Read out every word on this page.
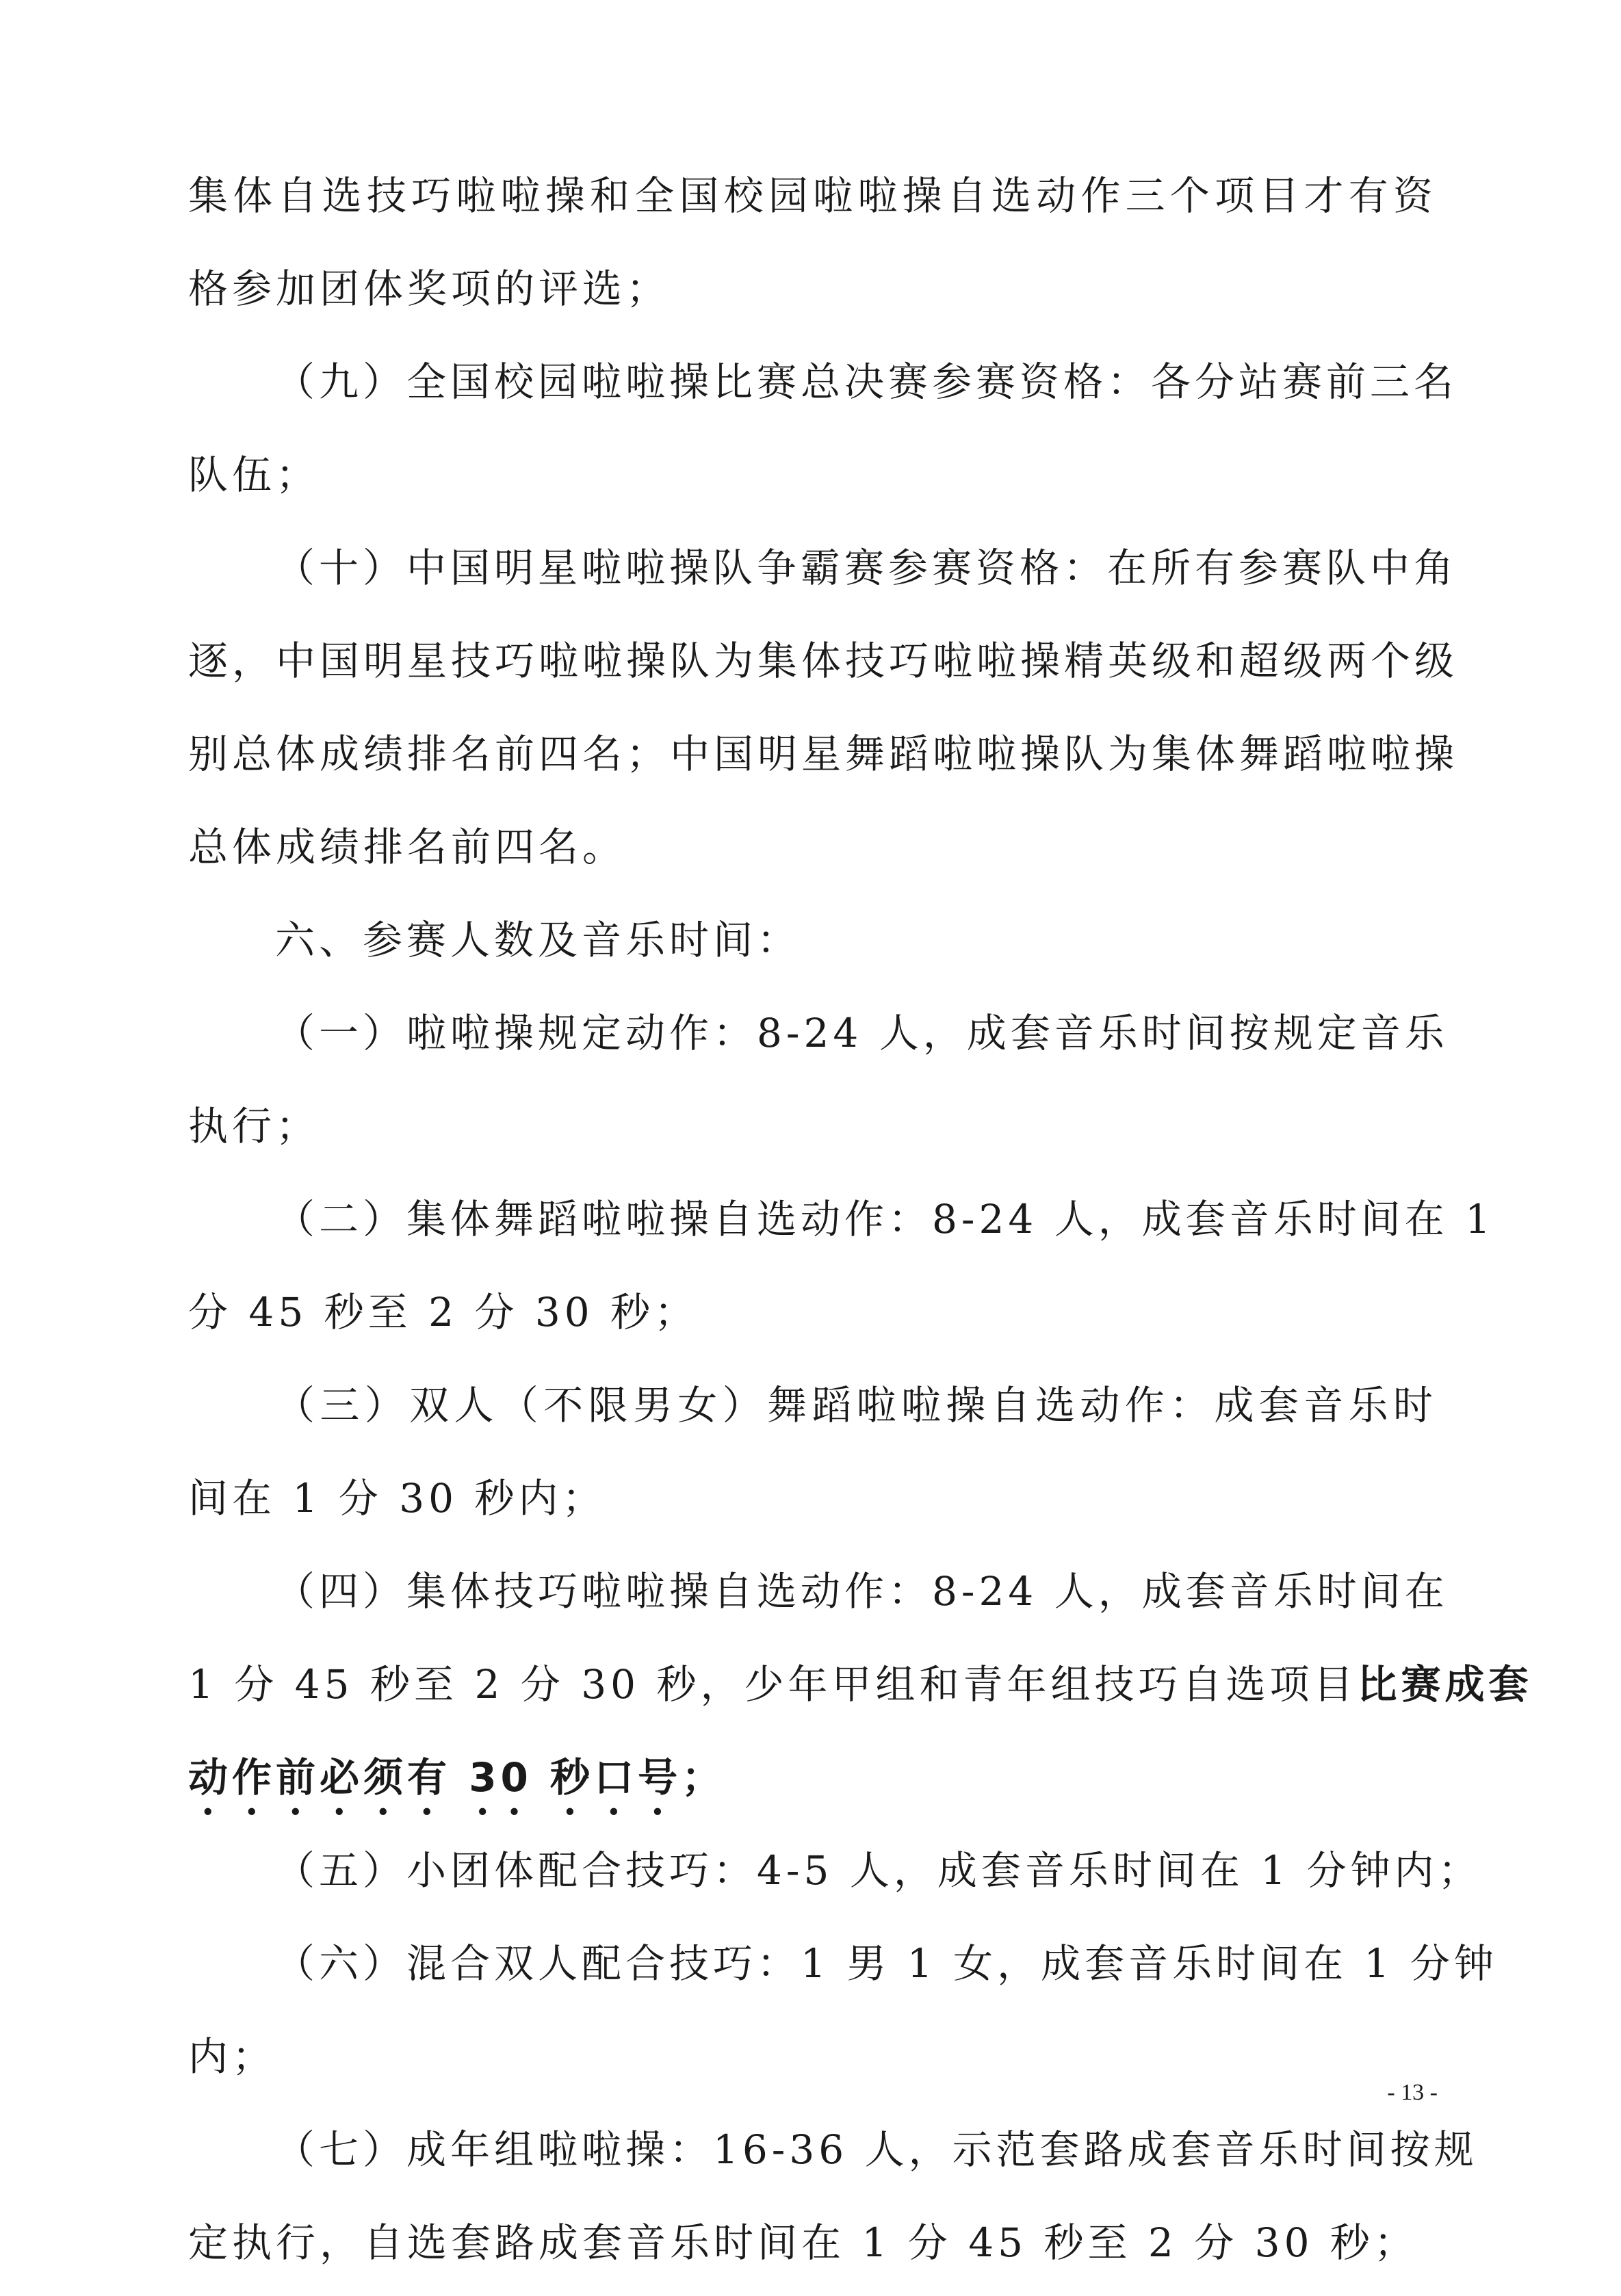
集体自选技巧啦啦操和全国校园啦啦操自选动作三个项目才有资
格参加团体奖项的评选；
（九）全国校园啦啦操比赛总决赛参赛资格：各分站赛前三名
队伍；
（十）中国明星啦啦操队争霸赛参赛资格：在所有参赛队中角
逐，中国明星技巧啦啦操队为集体技巧啦啦操精英级和超级两个级
别总体成绩排名前四名；中国明星舞蹈啦啦操队为集体舞蹈啦啦操
总体成绩排名前四名。
六、参赛人数及音乐时间：
（一）啦啦操规定动作：8-24 人，成套音乐时间按规定音乐
执行；
（二）集体舞蹈啦啦操自选动作：8-24 人，成套音乐时间在 1
分 45 秒至 2 分 30 秒；
（三）双人（不限男女）舞蹈啦啦操自选动作：成套音乐时
间在 1 分 30 秒内；
（四）集体技巧啦啦操自选动作：8-24 人，成套音乐时间在
1 分 45 秒至 2 分 30 秒，少年甲组和青年组技巧自选项目比赛成套
动作前必须有 30 秒口号；
（五）小团体配合技巧：4-5 人，成套音乐时间在 1 分钟内；
（六）混合双人配合技巧：1 男 1 女，成套音乐时间在 1 分钟
内；
（七）成年组啦啦操：16-36 人，示范套路成套音乐时间按规
定执行，自选套路成套音乐时间在 1 分 45 秒至 2 分 30 秒；
- 13 -
